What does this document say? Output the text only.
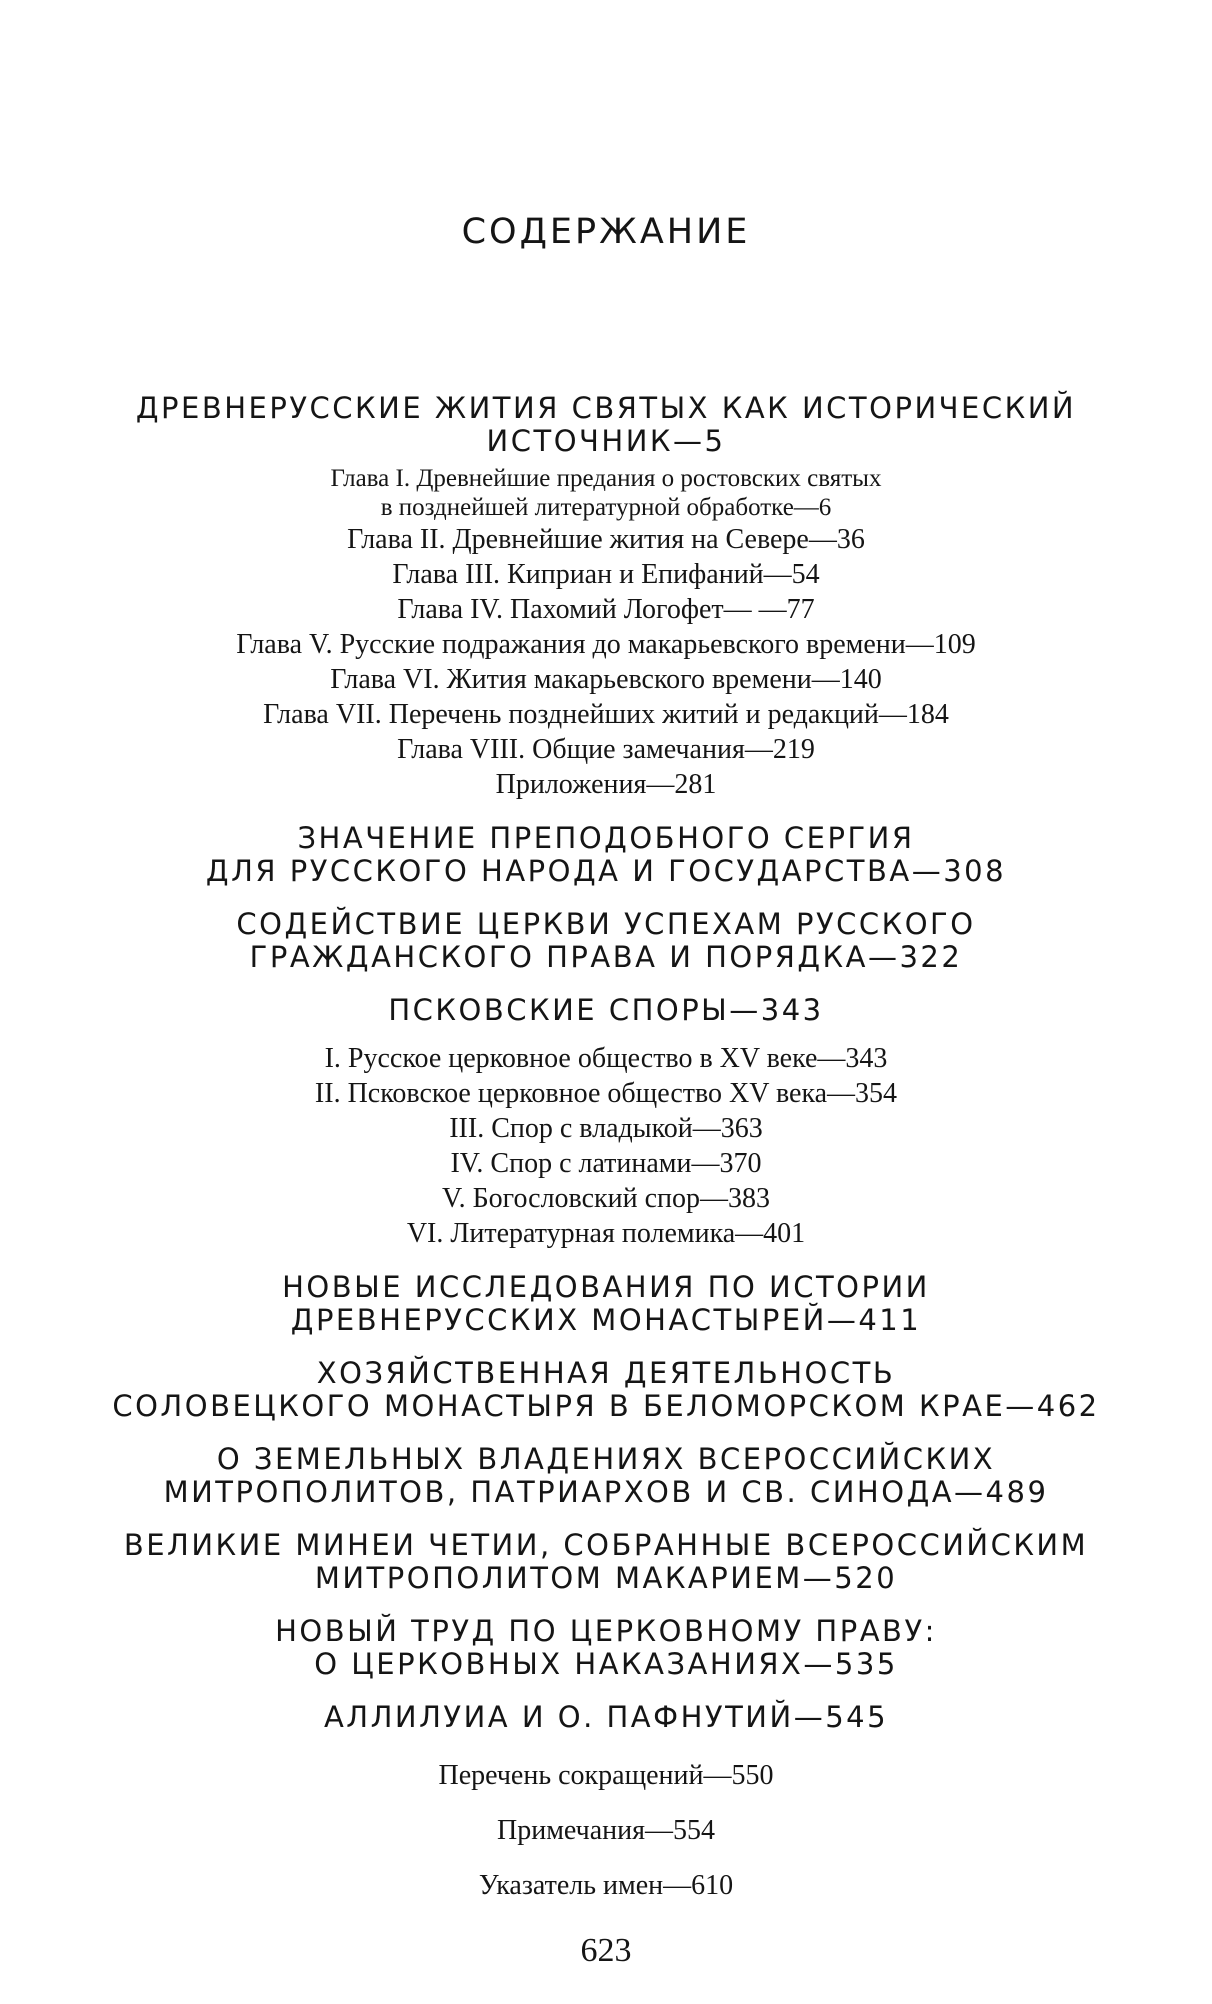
СОДЕРЖАНИЕ
ДРЕВНЕРУССКИЕ ЖИТИЯ СВЯТЫХ КАК ИСТОРИЧЕСКИЙ
ИСТОЧНИК—5
Глава I. Древнейшие предания о ростовских святых
в позднейшей литературной обработке—6
Глава II. Древнейшие жития на Севере—36
Глава III. Киприан и Епифаний—54
Глава IV. Пахомий Логофет— —77
Глава V. Русские подражания до макарьевского времени—109
Глава VI. Жития макарьевского времени—140
Глава VII. Перечень позднейших житий и редакций—184
Глава VIII. Общие замечания—219
Приложения—281
ЗНАЧЕНИЕ ПРЕПОДОБНОГО СЕРГИЯ
ДЛЯ РУССКОГО НАРОДА И ГОСУДАРСТВА—308
СОДЕЙСТВИЕ ЦЕРКВИ УСПЕХАМ РУССКОГО
ГРАЖДАНСКОГО ПРАВА И ПОРЯДКА—322
ПСКОВСКИЕ СПОРЫ—343
I. Русское церковное общество в XV веке—343
II. Псковское церковное общество XV века—354
III. Спор с владыкой—363
IV. Спор с латинами—370
V. Богословский спор—383
VI. Литературная полемика—401
НОВЫЕ ИССЛЕДОВАНИЯ ПО ИСТОРИИ
ДРЕВНЕРУССКИХ МОНАСТЫРЕЙ—411
ХОЗЯЙСТВЕННАЯ ДЕЯТЕЛЬНОСТЬ
СОЛОВЕЦКОГО МОНАСТЫРЯ В БЕЛОМОРСКОМ КРАЕ—462
О ЗЕМЕЛЬНЫХ ВЛАДЕНИЯХ ВСЕРОССИЙСКИХ
МИТРОПОЛИТОВ, ПАТРИАРХОВ И СВ. СИНОДА—489
ВЕЛИКИЕ МИНЕИ ЧЕТИИ, СОБРАННЫЕ ВСЕРОССИЙСКИМ
МИТРОПОЛИТОМ МАКАРИЕМ—520
НОВЫЙ ТРУД ПО ЦЕРКОВНОМУ ПРАВУ:
О ЦЕРКОВНЫХ НАКАЗАНИЯХ—535
АЛЛИЛУИА И О. ПАФНУТИЙ—545
Перечень сокращений—550
Примечания—554
Указатель имен—610
623
